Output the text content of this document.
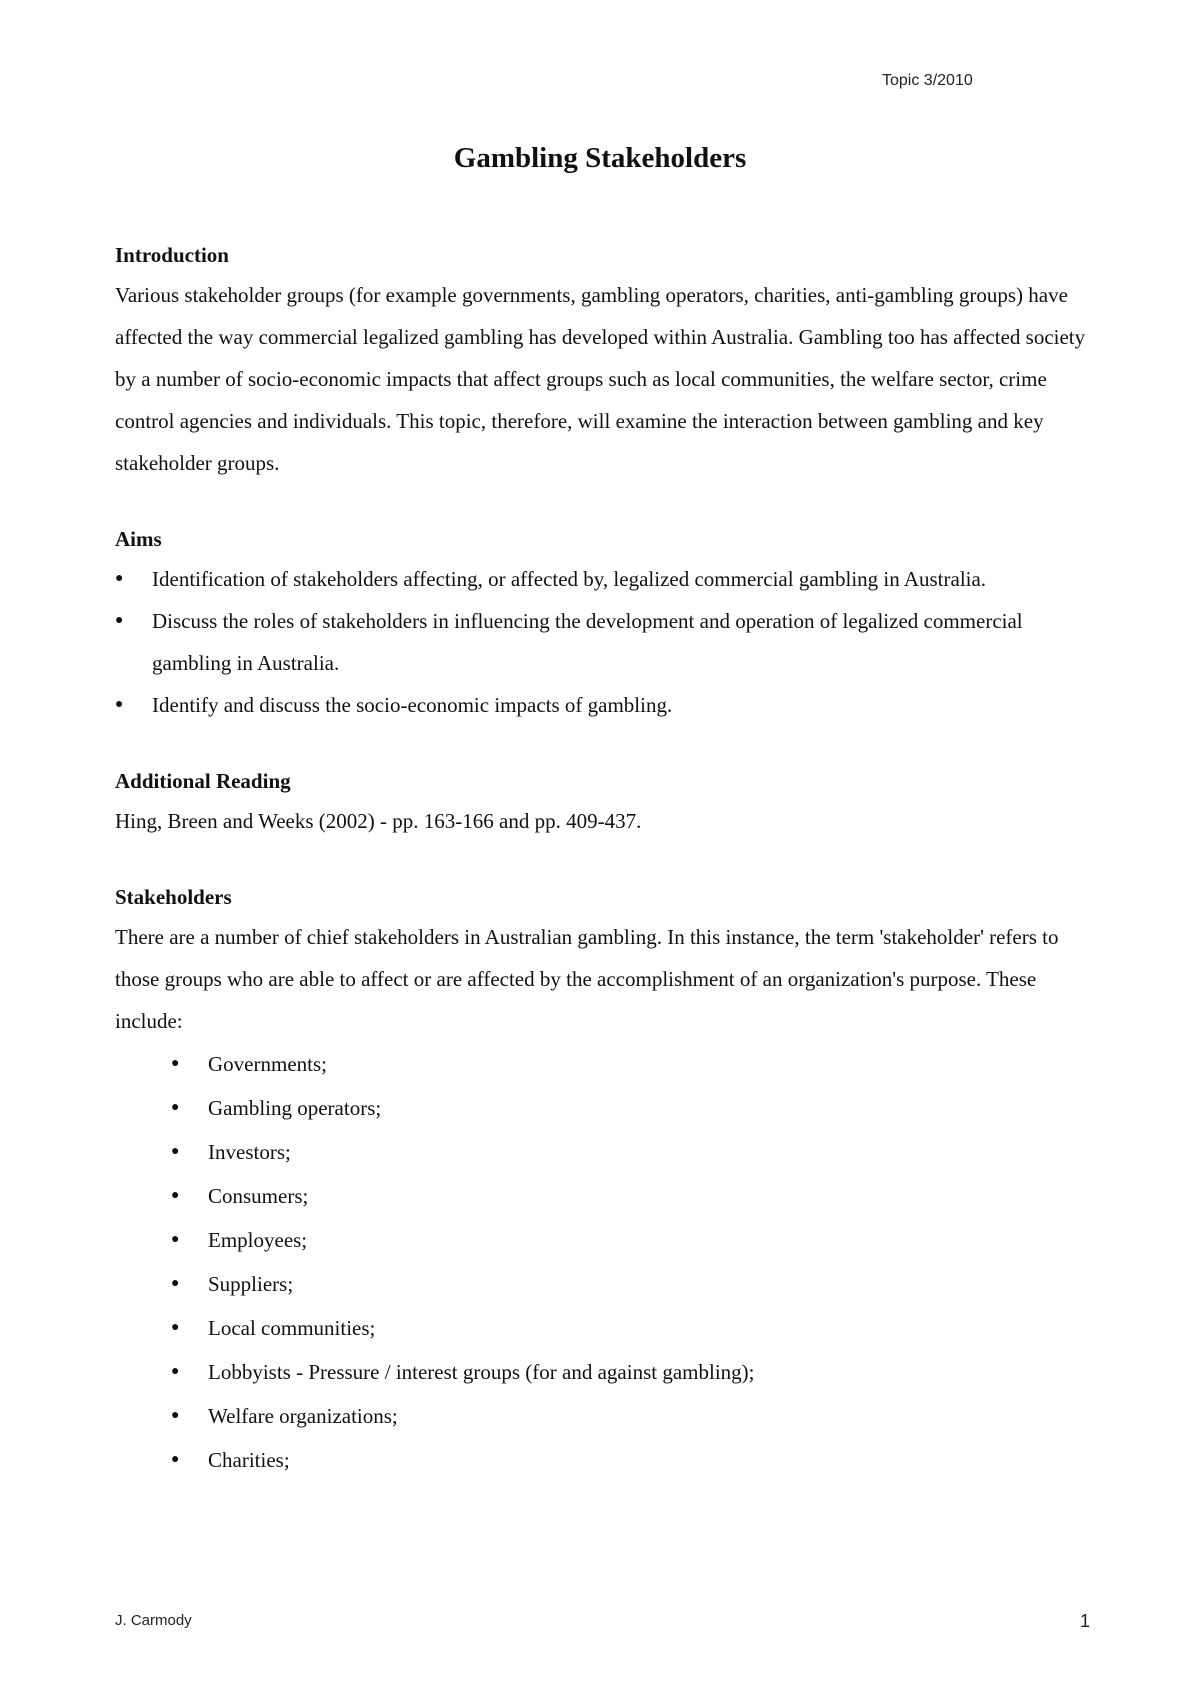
Topic 3/2010
Gambling Stakeholders
Introduction

Various stakeholder groups (for example governments, gambling operators, charities, anti-gambling groups) have affected the way commercial legalized gambling has developed within Australia. Gambling too has affected society by a number of socio-economic impacts that affect groups such as local communities, the welfare sector, crime control agencies and individuals. This topic, therefore, will examine the interaction between gambling and key stakeholder groups.

Aims
● Identification of stakeholders affecting, or affected by, legalized commercial gambling in Australia.
● Discuss the roles of stakeholders in influencing the development and operation of legalized commercial gambling in Australia.
● Identify and discuss the socio-economic impacts of gambling.
Additional Reading

Hing, Breen and Weeks (2002) - pp. 163-166 and pp. 409-437.

Stakeholders

There are a number of chief stakeholders in Australian gambling. In this instance, the term 'stakeholder' refers to those groups who are able to affect or are affected by the accomplishment of an organization's purpose. These include:

● Governments;
● Gambling operators;
● Investors;
● Consumers;
● Employees;
● Suppliers;
● Local communities;
● Lobbyists - Pressure / interest groups (for and against gambling);
● Welfare organizations;
● Charities;
J. Carmody	1
